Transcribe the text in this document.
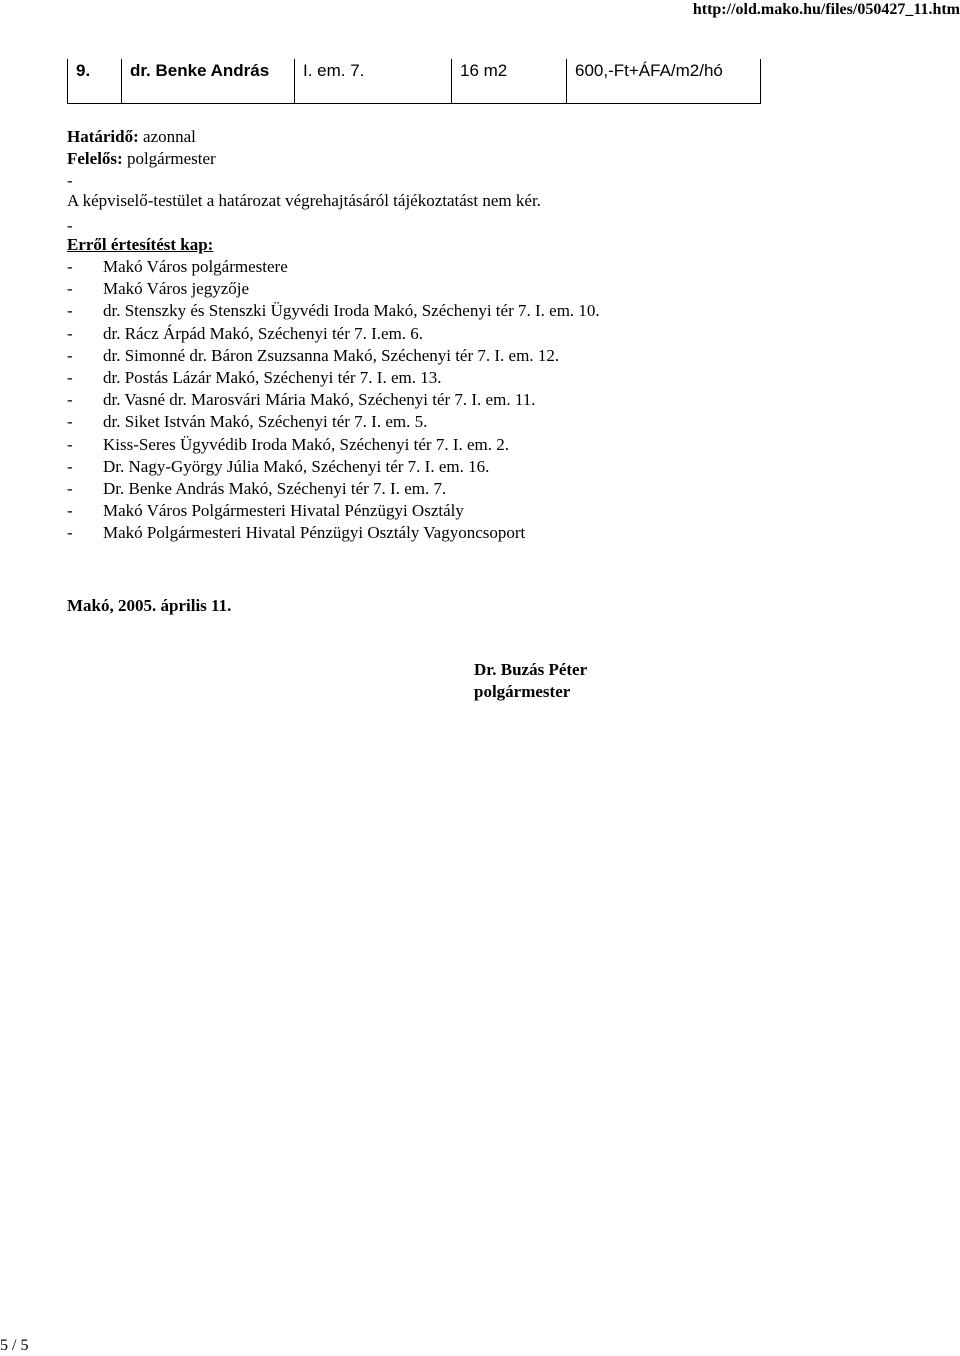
http://old.mako.hu/files/050427_11.htm
9.	dr. Benke András	I. em. 7.	16 m2	600,-Ft+ÁFA/m2/hó
Határidő: azonnal
Felelős: polgármester
-
A képviselő-testület a határozat végrehajtásáról tájékoztatást nem kér.
-
Erről értesítést kap:
- Makó Város polgármestere
- Makó Város jegyzője
- dr. Stenszky és Stenszki Ügyvédi Iroda Makó, Széchenyi tér 7. I. em. 10.
- dr. Rácz Árpád Makó, Széchenyi tér 7. I.em. 6.
- dr. Simonné dr. Báron Zsuzsanna Makó, Széchenyi tér 7. I. em. 12.
- dr. Postás Lázár Makó, Széchenyi tér 7. I. em. 13.
- dr. Vasné dr. Marosvári Mária Makó, Széchenyi tér 7. I. em. 11.
- dr. Siket István Makó, Széchenyi tér 7. I. em. 5.
- Kiss-Seres Ügyvédib Iroda Makó, Széchenyi tér 7. I. em. 2.
- Dr. Nagy-György Júlia Makó, Széchenyi tér 7. I. em. 16.
- Dr. Benke András Makó, Széchenyi tér 7. I. em. 7.
- Makó Város Polgármesteri Hivatal Pénzügyi Osztály
- Makó Polgármesteri Hivatal Pénzügyi Osztály Vagyoncsoport
Makó, 2005. április 11.
Dr. Buzás Péter
polgármester
5 / 5
